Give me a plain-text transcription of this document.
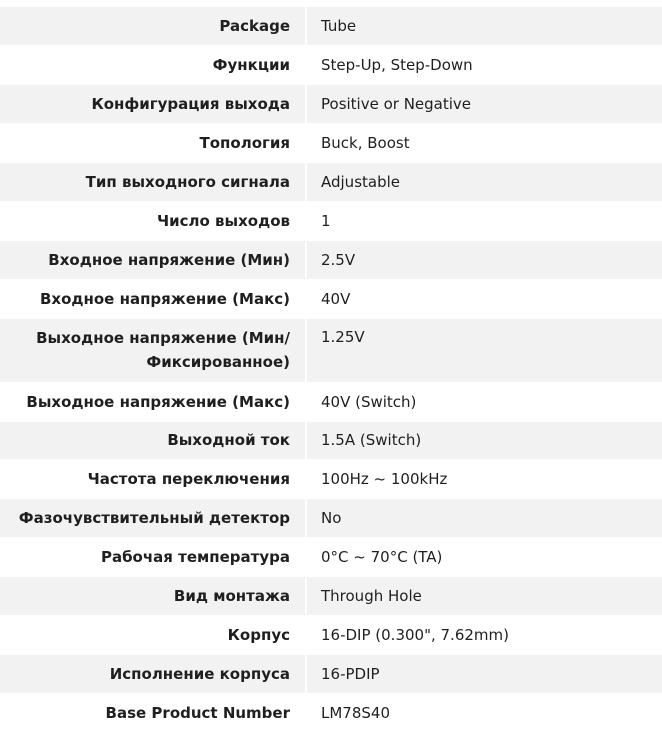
Package	Tube
Функции	Step-Up, Step-Down
Конфигурация выхода	Positive or Negative
Топология	Buck, Boost
Тип выходного сигнала	Adjustable
Число выходов	1
Входное напряжение (Мин)	2.5V
Входное напряжение (Макс)	40V
Выходное напряжение (Мин/
Фиксированное)	1.25V
Выходное напряжение (Макс)	40V (Switch)
Выходной ток	1.5A (Switch)
Частота переключения	100Hz ~ 100kHz
Фазочувствительный детектор	No
Рабочая температура	0°C ~ 70°C (TA)
Вид монтажа	Through Hole
Корпус	16-DIP (0.300", 7.62mm)
Исполнение корпуса	16-PDIP
Base Product Number	LM78S40
